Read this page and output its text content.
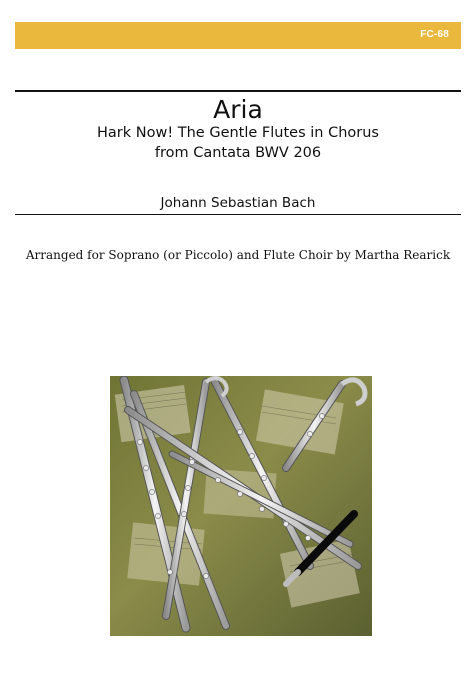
FC-68
Aria
Hark Now! The Gentle Flutes in Chorus
from Cantata BWV 206
Johann Sebastian Bach
Arranged for Soprano (or Piccolo) and Flute Choir by Martha Rearick
